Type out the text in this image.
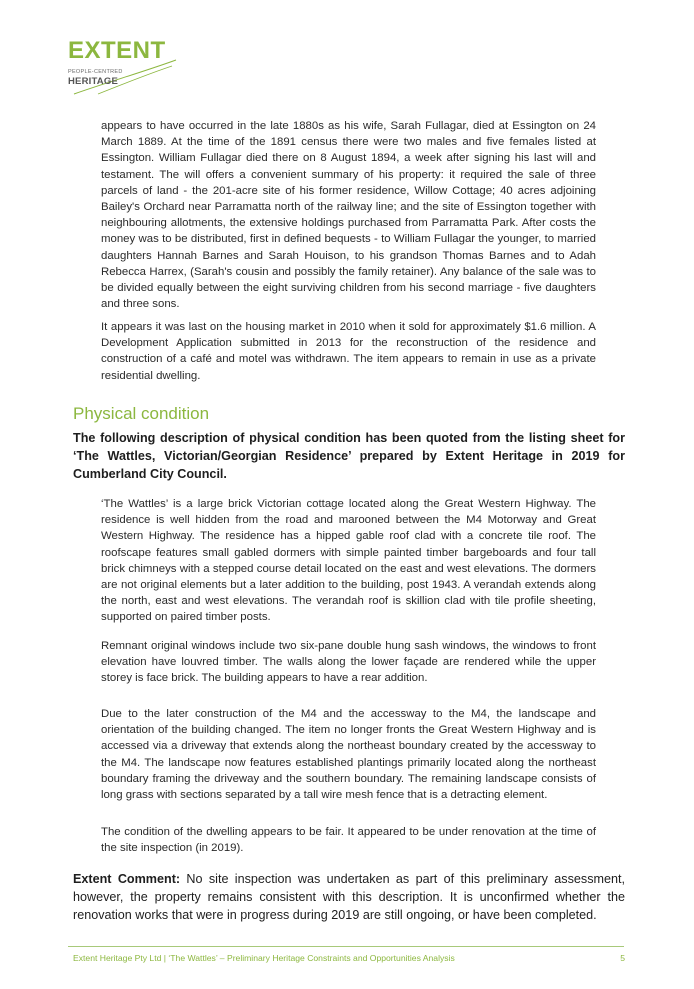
EXTENT
PEOPLE-CENTRED
HERITAGE

appears to have occurred in the late 1880s as his wife, Sarah Fullagar, died at Essington on 24 March 1889. At the time of the 1891 census there were two males and five females listed at Essington. William Fullagar died there on 8 August 1894, a week after signing his last will and testament. The will offers a convenient summary of his property: it required the sale of three parcels of land - the 201-acre site of his former residence, Willow Cottage; 40 acres adjoining Bailey's Orchard near Parramatta north of the railway line; and the site of Essington together with neighbouring allotments, the extensive holdings purchased from Parramatta Park. After costs the money was to be distributed, first in defined bequests - to William Fullagar the younger, to married daughters Hannah Barnes and Sarah Houison, to his grandson Thomas Barnes and to Adah Rebecca Harrex, (Sarah's cousin and possibly the family retainer). Any balance of the sale was to be divided equally between the eight surviving children from his second marriage - five daughters and three sons.

It appears it was last on the housing market in 2010 when it sold for approximately $1.6 million. A Development Application submitted in 2013 for the reconstruction of the residence and construction of a café and motel was withdrawn. The item appears to remain in use as a private residential dwelling.

Physical condition

The following description of physical condition has been quoted from the listing sheet for ‘The Wattles, Victorian/Georgian Residence’ prepared by Extent Heritage in 2019 for Cumberland City Council.

‘The Wattles’ is a large brick Victorian cottage located along the Great Western Highway. The residence is well hidden from the road and marooned between the M4 Motorway and Great Western Highway. The residence has a hipped gable roof clad with a concrete tile roof. The roofscape features small gabled dormers with simple painted timber bargeboards and four tall brick chimneys with a stepped course detail located on the east and west elevations. The dormers are not original elements but a later addition to the building, post 1943. A verandah extends along the north, east and west elevations. The verandah roof is skillion clad with tile profile sheeting, supported on paired timber posts.

Remnant original windows include two six-pane double hung sash windows, the windows to front elevation have louvred timber. The walls along the lower façade are rendered while the upper storey is face brick. The building appears to have a rear addition.

Due to the later construction of the M4 and the accessway to the M4, the landscape and orientation of the building changed. The item no longer fronts the Great Western Highway and is accessed via a driveway that extends along the northeast boundary created by the accessway to the M4. The landscape now features established plantings primarily located along the northeast boundary framing the driveway and the southern boundary. The remaining landscape consists of long grass with sections separated by a tall wire mesh fence that is a detracting element.

The condition of the dwelling appears to be fair. It appeared to be under renovation at the time of the site inspection (in 2019).

Extent Comment: No site inspection was undertaken as part of this preliminary assessment, however, the property remains consistent with this description. It is unconfirmed whether the renovation works that were in progress during 2019 are still ongoing, or have been completed.

Extent Heritage Pty Ltd | ‘The Wattles’ – Preliminary Heritage Constraints and Opportunities Analysis	5
